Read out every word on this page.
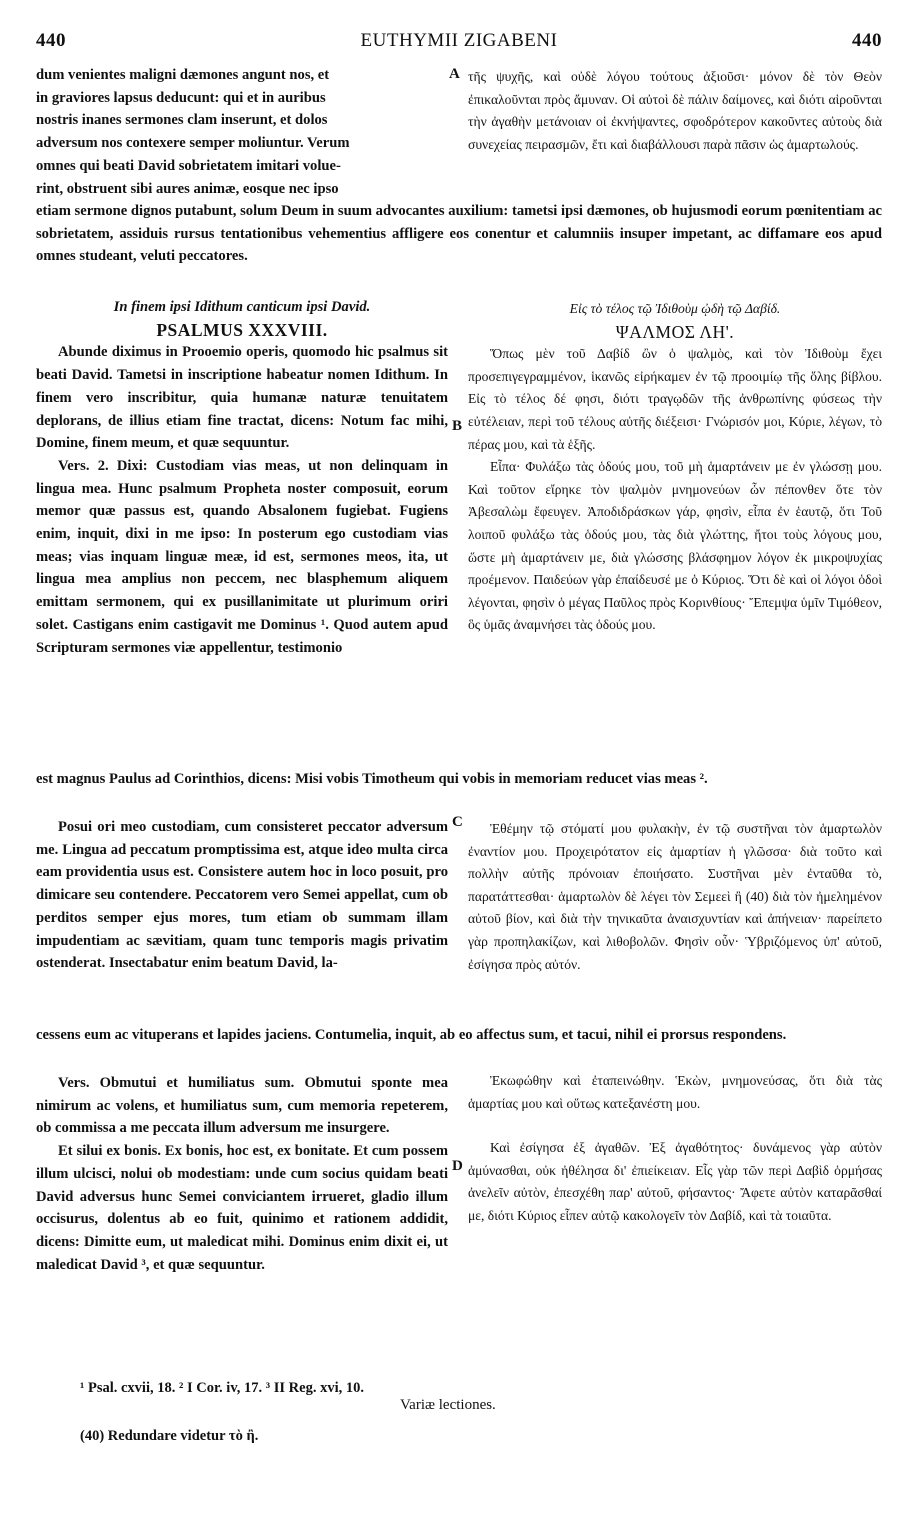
440	EUTHYMII ZIGABENI	440

dum venientes maligni dæmones angunt nos, et

in graviores lapsus deducunt: qui et in auribus

nostris inanes sermones clam inserunt, et dolos

adversum nos contexere semper moliuntur. Verum

omnes qui beati David sobrietatem imitari volue-

rint, obstruent sibi aures animæ, eosque nec ipso

A τῆς ψυχῆς, καὶ οὐδὲ λόγου τούτους ἀξιοῦσι· μόνον δὲ τὸν Θεὸν ἐπικαλοῦνται πρὸς ἄμυναν. Οἱ αὐτοὶ δὲ πάλιν δαίμονες, καὶ διότι αἱροῦνται τὴν ἀγαθὴν μετάνοιαν οἱ ἐκνήψαντες, σφοδρότερον κακοῦντες αὐτοὺς διὰ συνεχείας πειρασμῶν, ἔτι καὶ διαβάλλουσι παρὰ πᾶσιν ὡς ἁμαρτωλούς.

etiam sermone dignos putabunt, solum Deum in suum advocantes auxilium: tametsi ipsi dæmones, ob hujusmodi eorum pœnitentiam ac sobrietatem, assiduis rursus tentationibus vehementius affligere eos conentur et calumniis insuper impetant, ac diffamare eos apud omnes studeant, veluti peccatores.

In finem ipsi Idithum canticum ipsi David.

PSALMUS XXXVIII.

Abunde diximus in Prooemio operis, quomodo hic psalmus sit beati David. Tametsi in inscriptione habeatur nomen Idithum. In finem vero inscribitur, quia humanæ naturæ tenuitatem deplorans, de illius etiam fine tractat, dicens: Notum fac mihi, Domine, finem meum, et quæ sequuntur.

Vers. 2. Dixi: Custodiam vias meas, ut non delinquam in lingua mea. Hunc psalmum Propheta noster composuit, eorum memor quæ passus est, quando Absalonem fugiebat. Fugiens enim, inquit, dixi in me ipso: In posterum ego custodiam vias meas; vias inquam linguæ meæ, id est, sermones meos, ita, ut lingua mea amplius non peccem, nec blasphemum aliquem emittam sermonem, qui ex pusillanimitate ut plurimum oriri solet. Castigans enim castigavit me Dominus ¹. Quod autem apud Scripturam sermones viæ appellentur, testimonio

B

Εἰς τὸ τέλος τῷ Ἰδιθοὺμ ᾠδὴ τῷ Δαβίδ.

ΨΑΛΜΟΣ ΛΗ'.

Ὅπως μὲν τοῦ Δαβίδ ὢν ὁ ψαλμὸς, καὶ τὸν Ἰδιθοὺμ ἔχει προσεπιγεγραμμένον, ἱκανῶς εἰρήκαμεν ἐν τῷ προοιμίῳ τῆς ὅλης βίβλου. Εἰς τὸ τέλος δέ φησι, διότι τραγῳδῶν τῆς ἀνθρωπίνης φύσεως τὴν εὐτέλειαν, περὶ τοῦ τέλους αὐτῆς διέξεισι· Γνώρισόν μοι, Κύριε, λέγων, τὸ πέρας μου, καὶ τὰ ἑξῆς.

Εἶπα· Φυλάξω τὰς ὁδούς μου, τοῦ μὴ ἁμαρτάνειν με ἐν γλώσσῃ μου. Καὶ τοῦτον εἴρηκε τὸν ψαλμὸν μνημονεύων ὧν πέπονθεν ὅτε τὸν Ἀβεσαλὼμ ἔφευγεν. Ἀποδιδράσκων γάρ, φησὶν, εἶπα ἐν ἑαυτῷ, ὅτι Τοῦ λοιποῦ φυλάξω τὰς ὁδούς μου, τὰς διὰ γλώττης, ἤτοι τοὺς λόγους μου, ὥστε μὴ ἁμαρτάνειν με, διὰ γλώσσης βλάσφημον λόγον ἐκ μικροψυχίας προέμενον. Παιδεύων γὰρ ἐπαίδευσέ με ὁ Κύριος. Ὅτι δὲ καὶ οἱ λόγοι ὁδοὶ λέγονται, φησὶν ὁ μέγας Παῦλος πρὸς Κορινθίους· Ἔπεμψα ὑμῖν Τιμόθεον, ὃς ὑμᾶς ἀναμνήσει τὰς ὁδούς μου.

est magnus Paulus ad Corinthios, dicens: Misi vobis Timotheum qui vobis in memoriam reducet vias meas ².

Posui ori meo custodiam, cum consisteret peccator adversum me. Lingua ad peccatum promptissima est, atque ideo multa circa eam providentia usus est. Consistere autem hoc in loco posuit, pro dimicare seu contendere. Peccatorem vero Semei appellat, cum ob perditos semper ejus mores, tum etiam ob summam illam impudentiam ac sævitiam, quam tunc temporis magis privatim ostenderat. Insectabatur enim beatum David, la-

C	Ἐθέμην τῷ στόματί μου φυλακὴν, ἐν τῷ συστῆναι τὸν ἁμαρτωλὸν ἐναντίον μου. Προχειρότατον εἰς ἁμαρτίαν ἡ γλῶσσα· διὰ τοῦτο καὶ πολλὴν αὐτῆς πρόνοιαν ἐποιήσατο. Συστῆναι μὲν ἐνταῦθα τὸ, παρατάττεσθαι· ἁμαρτωλὸν δὲ λέγει τὸν Σεμεεὶ ἢ (40) διὰ τὸν ἠμελημένον αὐτοῦ βίον, καὶ διὰ τὴν τηνικαῦτα ἀναισχυντίαν καὶ ἀπήνειαν· παρείπετο γὰρ προπηλακίζων, καὶ λιθοβολῶν. Φησὶν οὖν· Ὑβριζόμενος ὑπ' αὐτοῦ, ἐσίγησα πρὸς αὐτόν.

cessens eum ac vituperans et lapides jaciens. Contumelia, inquit, ab eo affectus sum, et tacui, nihil ei prorsus respondens.

Vers. Obmutui et humiliatus sum. Obmutui sponte mea nimirum ac volens, et humiliatus sum, cum memoria repeterem, ob commissa a me peccata illum adversum me insurgere.

Et silui ex bonis. Ex bonis, hoc est, ex bonitate. Et cum possem illum ulcisci, nolui ob modestiam: unde cum socius quidam beati David adversus hunc Semei conviciantem irrueret, gladio illum occisurus, dolentus ab eo fuit, quinimo et rationem addidit, dicens: Dimitte eum, ut maledicat mihi. Dominus enim dixit ei, ut maledicat David ³, et quæ sequuntur.

D

Ἐκωφώθην καὶ ἐταπεινώθην. Ἑκὼν, μνημονεύσας, ὅτι διὰ τὰς ἁμαρτίας μου καὶ οὕτως κατεξανέστη μου.

Καὶ ἐσίγησα ἐξ ἀγαθῶν. Ἐξ ἀγαθότητος· δυνάμενος γὰρ αὐτὸν ἀμύνασθαι, οὐκ ἠθέλησα δι' ἐπιείκειαν. Εἷς γὰρ τῶν περὶ Δαβὶδ ὁρμήσας ἀνελεῖν αὐτὸν, ἐπεσχέθη παρ' αὐτοῦ, φήσαντος· Ἄφετε αὐτὸν καταρᾶσθαί με, διότι Κύριος εἶπεν αὐτῷ κακολογεῖν τὸν Δαβίδ, καὶ τὰ τοιαῦτα.

¹ Psal. cxvii, 18. ² I Cor. iv, 17. ³ II Reg. xvi, 10.
Variæ lectiones.
(40) Redundare videtur τὸ ἢ.
